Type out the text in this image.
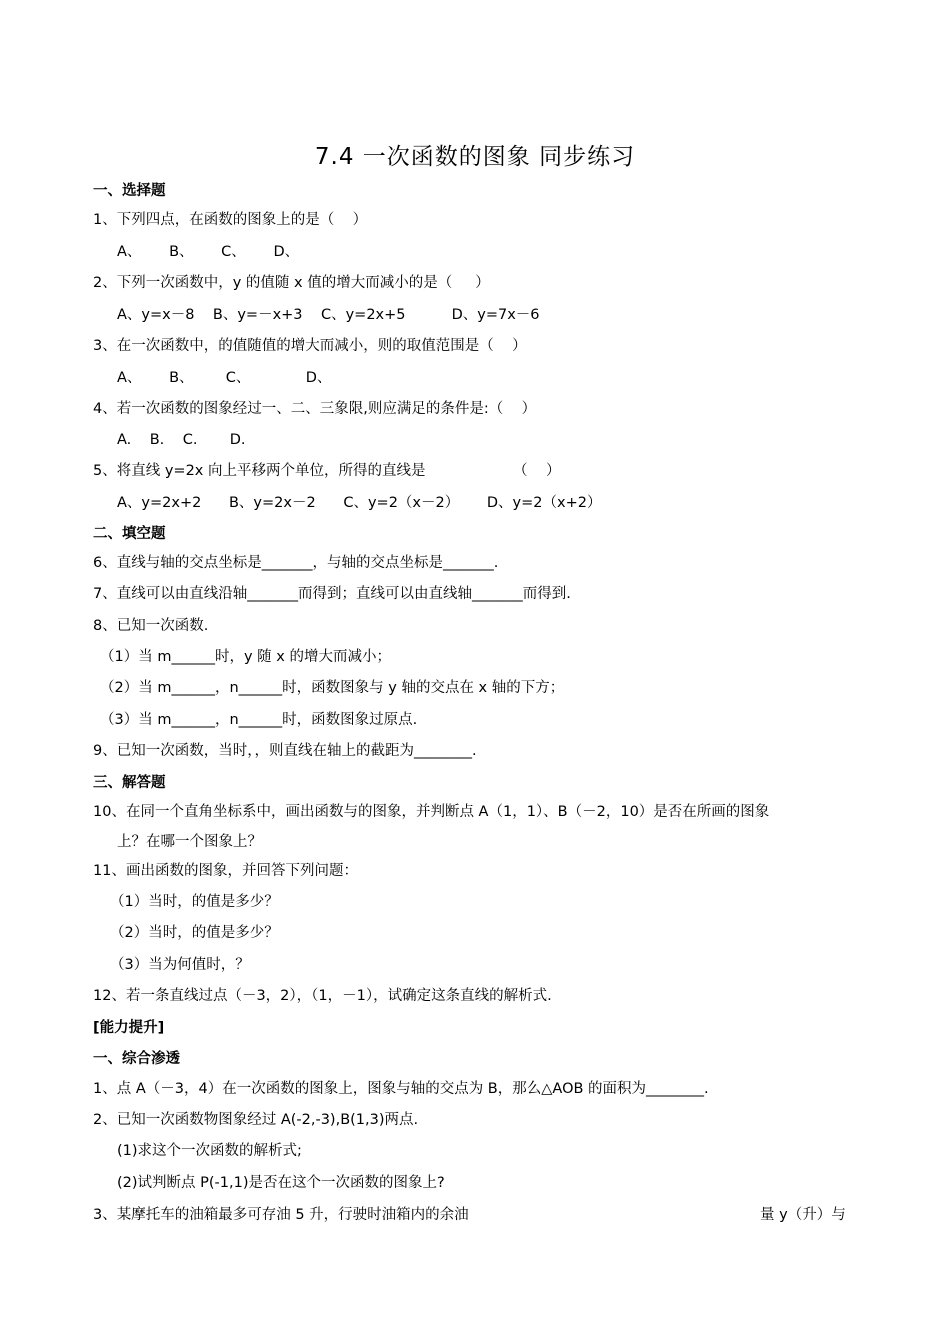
7.4 一次函数的图象 同步练习
一、选择题
1、下列四点，在函数的图象上的是（    ）
A、      B、      C、      D、
2、下列一次函数中，y 的值随 x 值的增大而减小的是（     ）
A、y=x－8    B、y=－x+3    C、y=2x+5          D、y=7x－6
3、在一次函数中，的值随值的增大而减小，则的取值范围是（    ）
A、      B、       C、            D、
4、若一次函数的图象经过一、二、三象限,则应满足的条件是:（    ）
A.    B.    C.       D.
5、将直线 y=2x 向上平移两个单位，所得的直线是                   （    ）
A、y=2x+2      B、y=2x－2      C、y=2（x－2）      D、y=2（x+2）
二、填空题
6、直线与轴的交点坐标是_______，与轴的交点坐标是_______.
7、直线可以由直线沿轴_______而得到；直线可以由直线轴_______而得到.
8、已知一次函数.
（1）当 m______时，y 随 x 的增大而减小；
（2）当 m______，n______时，函数图象与 y 轴的交点在 x 轴的下方；
（3）当 m______，n______时，函数图象过原点.
9、已知一次函数，当时，，则直线在轴上的截距为________.
三、解答题
10、在同一个直角坐标系中，画出函数与的图象，并判断点 A（1，1）、B（－2，10）是否在所画的图象
上？在哪一个图象上？
11、画出函数的图象，并回答下列问题：
（1）当时，的值是多少？
（2）当时，的值是多少？
（3）当为何值时，？
12、若一条直线过点（－3，2），（1，－1），试确定这条直线的解析式.
[能力提升]
一、综合渗透
1、点 A（－3，4）在一次函数的图象上，图象与轴的交点为 B，那么△AOB 的面积为________.
2、已知一次函数物图象经过 A(-2,-3),B(1,3)两点.
(1)求这个一次函数的解析式;
(2)试判断点 P(-1,1)是否在这个一次函数的图象上?
3、某摩托车的油箱最多可存油 5 升，行驶时油箱内的余油	量 y（升）与
